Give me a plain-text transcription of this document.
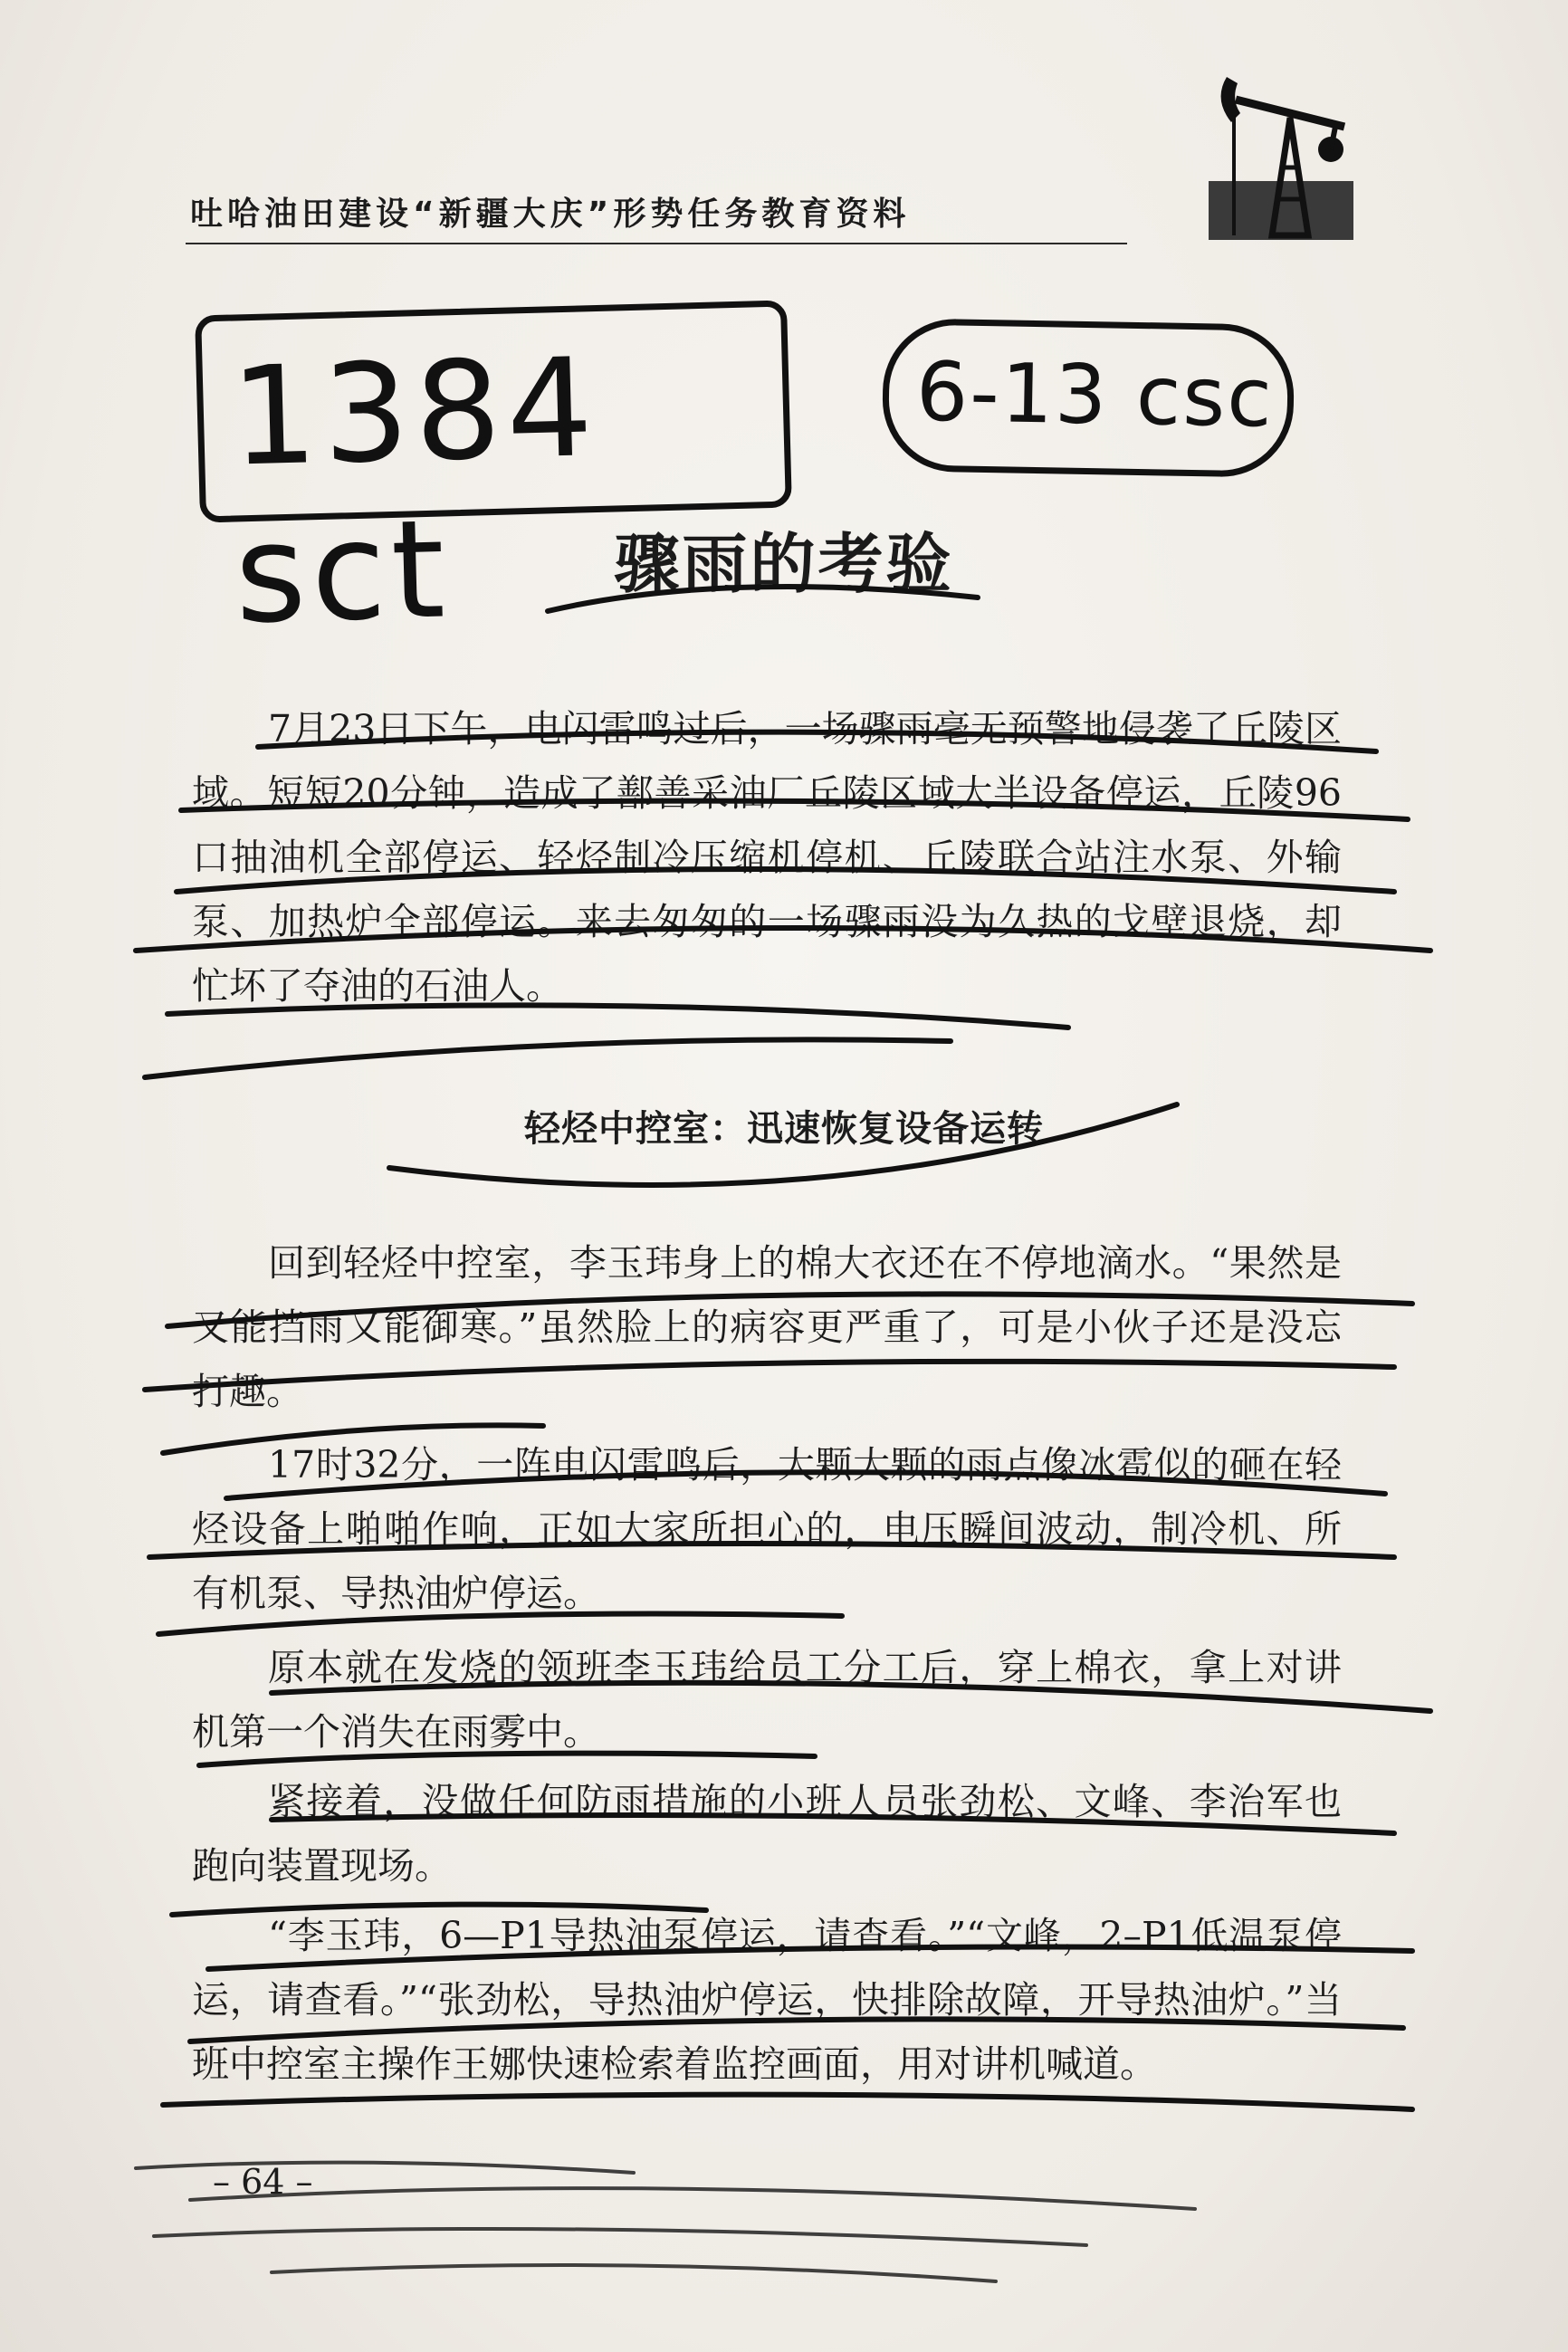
吐哈油田建设“新疆大庆”形势任务教育资料
1384 sct
6-13 csc
骤雨的考验
7月23日下午，电闪雷鸣过后，一场骤雨毫无预警地侵袭了丘陵区域。短短20分钟，造成了鄯善采油厂丘陵区域大半设备停运，丘陵96口抽油机全部停运、轻烃制冷压缩机停机、丘陵联合站注水泵、外输泵、加热炉全部停运。来去匆匆的一场骤雨没为久热的戈壁退烧，却忙坏了夺油的石油人。
轻烃中控室：迅速恢复设备运转
回到轻烃中控室，李玉玮身上的棉大衣还在不停地滴水。“果然是又能挡雨又能御寒。”虽然脸上的病容更严重了，可是小伙子还是没忘打趣。
17时32分，一阵电闪雷鸣后，大颗大颗的雨点像冰雹似的砸在轻烃设备上啪啪作响，正如大家所担心的，电压瞬间波动，制冷机、所有机泵、导热油炉停运。
原本就在发烧的领班李玉玮给员工分工后，穿上棉衣，拿上对讲机第一个消失在雨雾中。
紧接着，没做任何防雨措施的小班人员张劲松、文峰、李治军也跑向装置现场。
“李玉玮，6—P1导热油泵停运，请查看。”“文峰，2–P1低温泵停运，请查看。”“张劲松，导热油炉停运，快排除故障，开导热油炉。”当班中控室主操作王娜快速检索着监控画面，用对讲机喊道。
– 64 –
